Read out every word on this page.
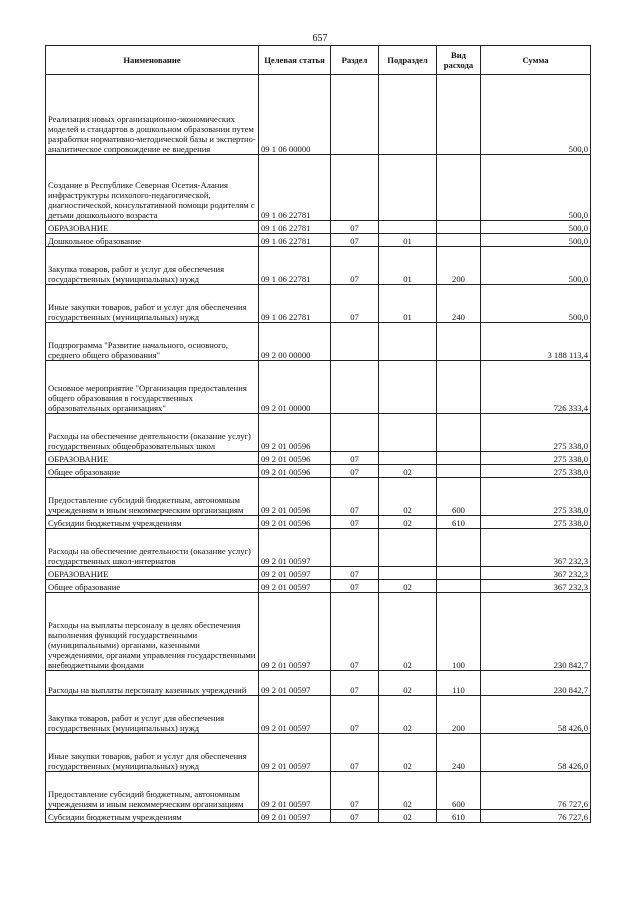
657
Наименование	Целевая статья	Раздел	Подраздел	Вид расхода	Сумма
Реализация новых организационно-экономических моделей и стандартов в дошкольном образовании путем разработки нормативно-методической базы и экспертно-аналитическое сопровождение ее внедрения	09 1 06 00000				500,0
Создание в Республике Северная Осетия-Алания инфраструктуры психолого-педагогической, диагностической, консультативной помощи родителям с детьми дошкольного возраста	09 1 06 22781				500,0
ОБРАЗОВАНИЕ	09 1 06 22781	07			500,0
Дошкольное образование	09 1 06 22781	07	01		500,0
Закупка товаров, работ и услуг для обеспечения государственных (муниципальных) нужд	09 1 06 22781	07	01	200	500,0
Иные закупки товаров, работ и услуг для обеспечения государственных (муниципальных) нужд	09 1 06 22781	07	01	240	500,0
Подпрограмма "Развитие начального, основного, среднего общего образования"	09 2 00 00000				3 188 113,4
Основное мероприятие "Организация предоставления общего образования в государственных образовательных организациях"	09 2 01 00000				726 333,4
Расходы на обеспечение деятельности (оказание услуг) государственных общеобразовательных школ	09 2 01 00596				275 338,0
ОБРАЗОВАНИЕ	09 2 01 00596	07			275 338,0
Общее образование	09 2 01 00596	07	02		275 338,0
Предоставление субсидий бюджетным, автономным учреждениям и иным некоммерческим организациям	09 2 01 00596	07	02	600	275 338,0
Субсидии бюджетным учреждениям	09 2 01 00596	07	02	610	275 338,0
Расходы на обеспечение деятельности (оказание услуг) государственных школ-интернатов	09 2 01 00597				367 232,3
ОБРАЗОВАНИЕ	09 2 01 00597	07			367 232,3
Общее образование	09 2 01 00597	07	02		367 232,3
Расходы на выплаты персоналу в целях обеспечения выполнения функций государственными (муниципальными) органами, казенными учреждениями, органами управления государственными внебюджетными фондами	09 2 01 00597	07	02	100	230 842,7
Расходы на выплаты персоналу казенных учреждений	09 2 01 00597	07	02	110	230 842,7
Закупка товаров, работ и услуг для обеспечения государственных (муниципальных) нужд	09 2 01 00597	07	02	200	58 426,0
Иные закупки товаров, работ и услуг для обеспечения государственных (муниципальных) нужд	09 2 01 00597	07	02	240	58 426,0
Предоставление субсидий бюджетным, автономным учреждениям и иным некоммерческим организациям	09 2 01 00597	07	02	600	76 727,6
Субсидии бюджетным учреждениям	09 2 01 00597	07	02	610	76 727,6
